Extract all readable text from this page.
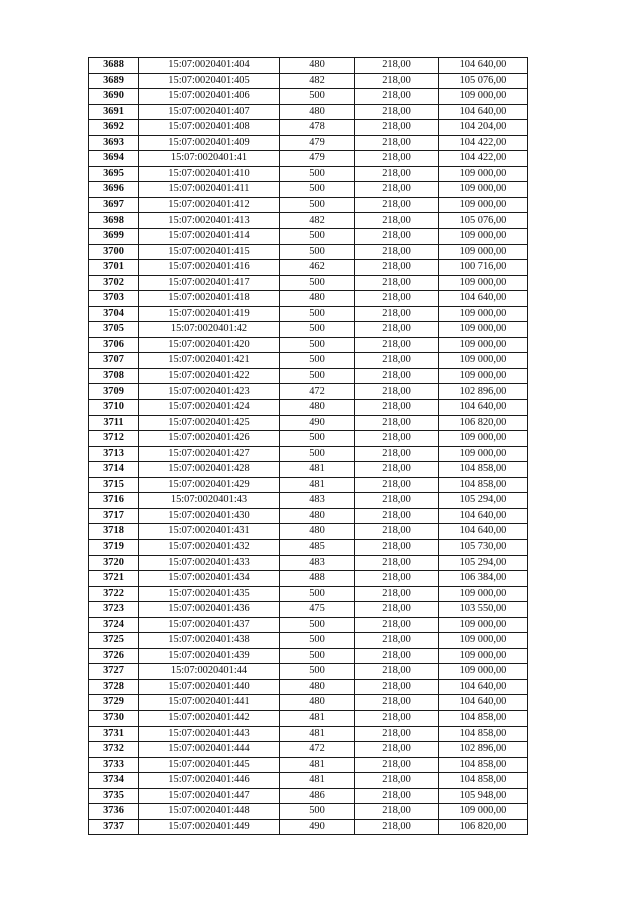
3688	15:07:0020401:404	480	218,00	104 640,00
3689	15:07:0020401:405	482	218,00	105 076,00
3690	15:07:0020401:406	500	218,00	109 000,00
3691	15:07:0020401:407	480	218,00	104 640,00
3692	15:07:0020401:408	478	218,00	104 204,00
3693	15:07:0020401:409	479	218,00	104 422,00
3694	15:07:0020401:41	479	218,00	104 422,00
3695	15:07:0020401:410	500	218,00	109 000,00
3696	15:07:0020401:411	500	218,00	109 000,00
3697	15:07:0020401:412	500	218,00	109 000,00
3698	15:07:0020401:413	482	218,00	105 076,00
3699	15:07:0020401:414	500	218,00	109 000,00
3700	15:07:0020401:415	500	218,00	109 000,00
3701	15:07:0020401:416	462	218,00	100 716,00
3702	15:07:0020401:417	500	218,00	109 000,00
3703	15:07:0020401:418	480	218,00	104 640,00
3704	15:07:0020401:419	500	218,00	109 000,00
3705	15:07:0020401:42	500	218,00	109 000,00
3706	15:07:0020401:420	500	218,00	109 000,00
3707	15:07:0020401:421	500	218,00	109 000,00
3708	15:07:0020401:422	500	218,00	109 000,00
3709	15:07:0020401:423	472	218,00	102 896,00
3710	15:07:0020401:424	480	218,00	104 640,00
3711	15:07:0020401:425	490	218,00	106 820,00
3712	15:07:0020401:426	500	218,00	109 000,00
3713	15:07:0020401:427	500	218,00	109 000,00
3714	15:07:0020401:428	481	218,00	104 858,00
3715	15:07:0020401:429	481	218,00	104 858,00
3716	15:07:0020401:43	483	218,00	105 294,00
3717	15:07:0020401:430	480	218,00	104 640,00
3718	15:07:0020401:431	480	218,00	104 640,00
3719	15:07:0020401:432	485	218,00	105 730,00
3720	15:07:0020401:433	483	218,00	105 294,00
3721	15:07:0020401:434	488	218,00	106 384,00
3722	15:07:0020401:435	500	218,00	109 000,00
3723	15:07:0020401:436	475	218,00	103 550,00
3724	15:07:0020401:437	500	218,00	109 000,00
3725	15:07:0020401:438	500	218,00	109 000,00
3726	15:07:0020401:439	500	218,00	109 000,00
3727	15:07:0020401:44	500	218,00	109 000,00
3728	15:07:0020401:440	480	218,00	104 640,00
3729	15:07:0020401:441	480	218,00	104 640,00
3730	15:07:0020401:442	481	218,00	104 858,00
3731	15:07:0020401:443	481	218,00	104 858,00
3732	15:07:0020401:444	472	218,00	102 896,00
3733	15:07:0020401:445	481	218,00	104 858,00
3734	15:07:0020401:446	481	218,00	104 858,00
3735	15:07:0020401:447	486	218,00	105 948,00
3736	15:07:0020401:448	500	218,00	109 000,00
3737	15:07:0020401:449	490	218,00	106 820,00
